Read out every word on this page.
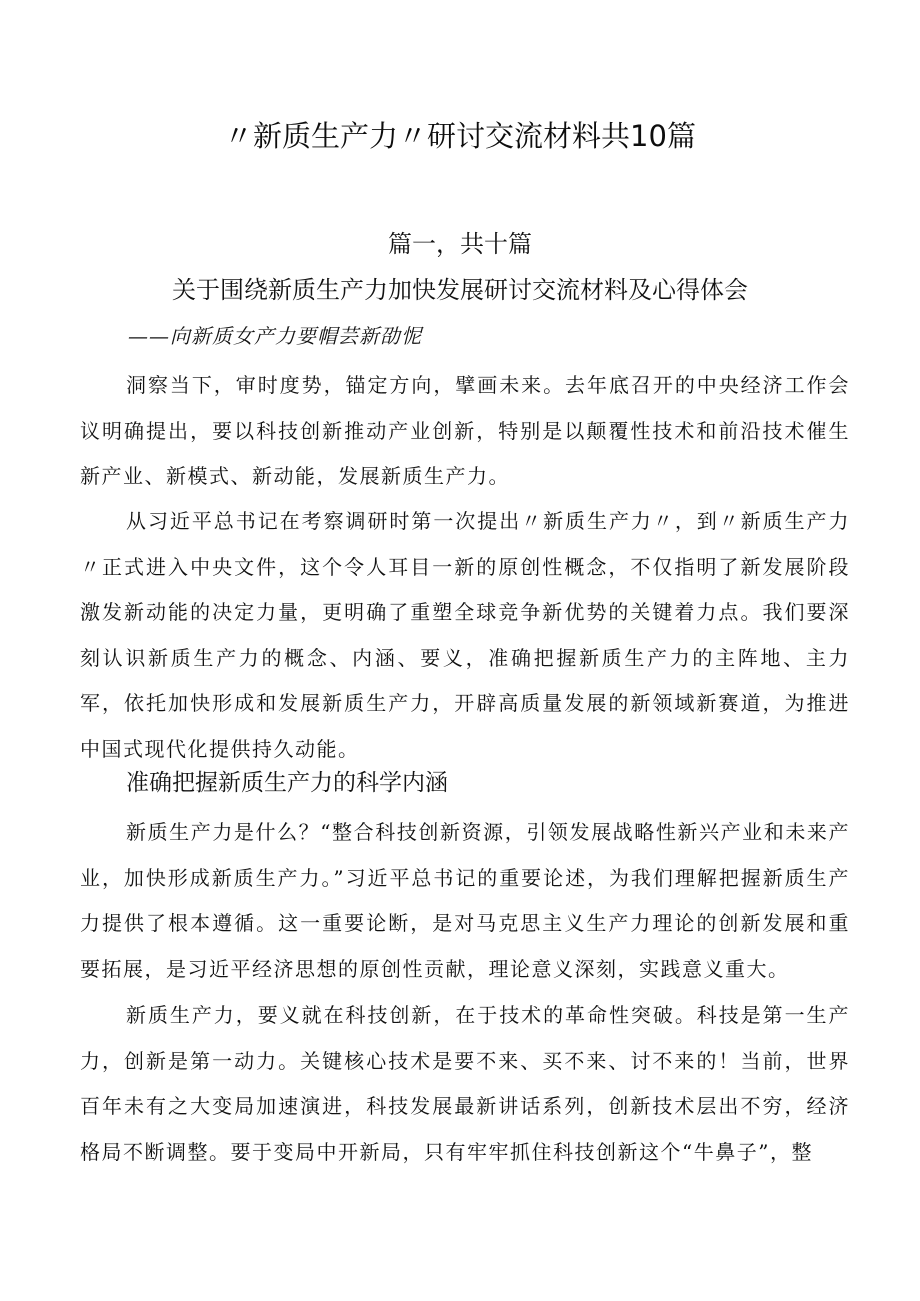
〃新质生产力〃研讨交流材料共10篇
篇一，共十篇
关于围绕新质生产力加快发展研讨交流材料及心得体会
——向新质女产力要帽芸新劭怩

洞察当下，审时度势，锚定方向，擘画未来。去年底召开的中央经济工作会议明确提出，要以科技创新推动产业创新，特别是以颠覆性技术和前沿技术催生新产业、新模式、新动能，发展新质生产力。

从习近平总书记在考察调研时第一次提出〃新质生产力〃，到〃新质生产力〃正式进入中央文件，这个令人耳目一新的原创性概念，不仅指明了新发展阶段激发新动能的决定力量，更明确了重塑全球竞争新优势的关键着力点。我们要深刻认识新质生产力的概念、内涵、要义，准确把握新质生产力的主阵地、主力军，依托加快形成和发展新质生产力，开辟高质量发展的新领域新赛道，为推进中国式现代化提供持久动能。

准确把握新质生产力的科学内涵

新质生产力是什么？“整合科技创新资源，引领发展战略性新兴产业和未来产业，加快形成新质生产力。”习近平总书记的重要论述，为我们理解把握新质生产力提供了根本遵循。这一重要论断，是对马克思主义生产力理论的创新发展和重要拓展，是习近平经济思想的原创性贡献，理论意义深刻，实践意义重大。

新质生产力，要义就在科技创新，在于技术的革命性突破。科技是第一生产力，创新是第一动力。关键核心技术是要不来、买不来、讨不来的！当前，世界百年未有之大变局加速演进，科技发展最新讲话系列，创新技术层出不穷，经济格局不断调整。要于变局中开新局，只有牢牢抓住科技创新这个“牛鼻子”，整
